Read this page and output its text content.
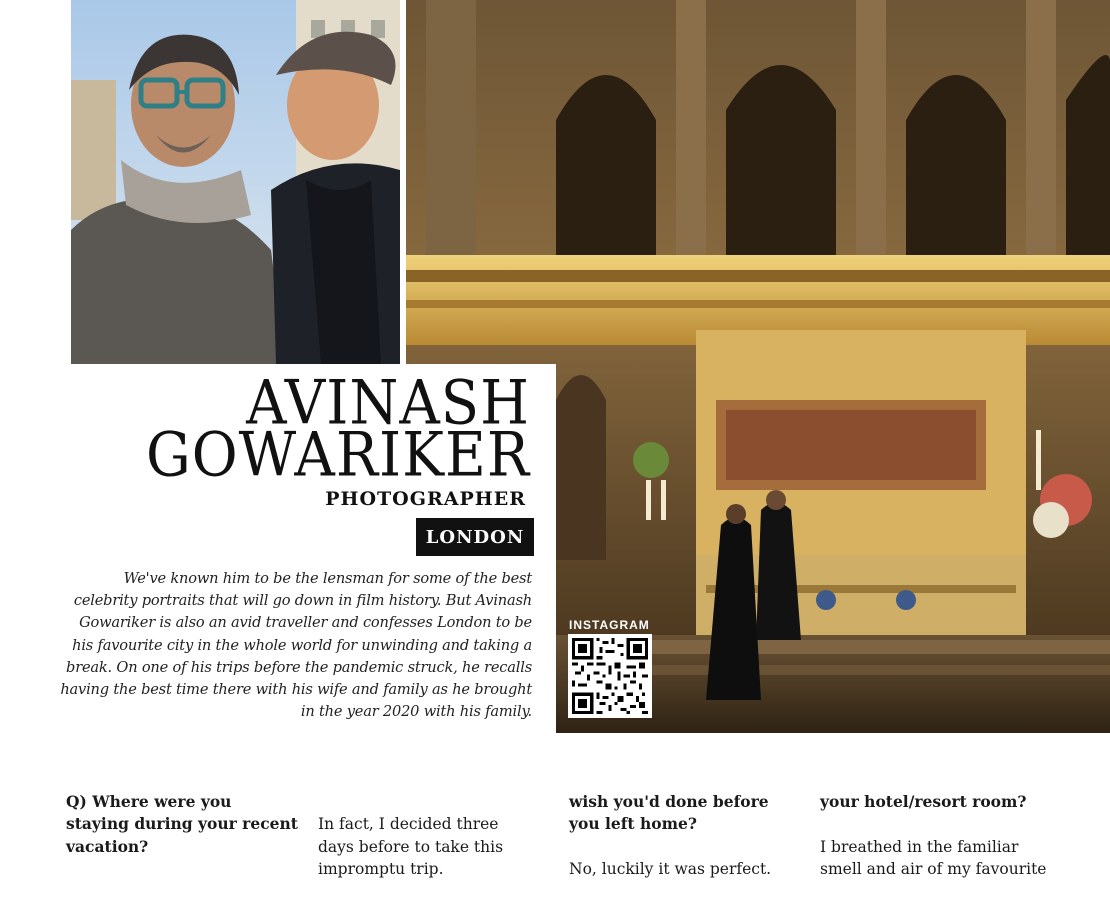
AVINASH
GOWARIKER
PHOTOGRAPHER
LONDON

We've known him to be the lensman for some of the best celebrity portraits that will go down in film history. But Avinash Gowariker is also an avid traveller and confesses London to be his favourite city in the whole world for unwinding and taking a break. On one of his trips before the pandemic struck, he recalls having the best time there with his wife and family as he brought in the year 2020 with his family.

INSTAGRAM

Q) Where were you
staying during your recent
vacation?

In fact, I decided three
days before to take this
impromptu trip.

wish you'd done before
you left home?

No, luckily it was perfect.

your hotel/resort room?

I breathed in the familiar
smell and air of my favourite
